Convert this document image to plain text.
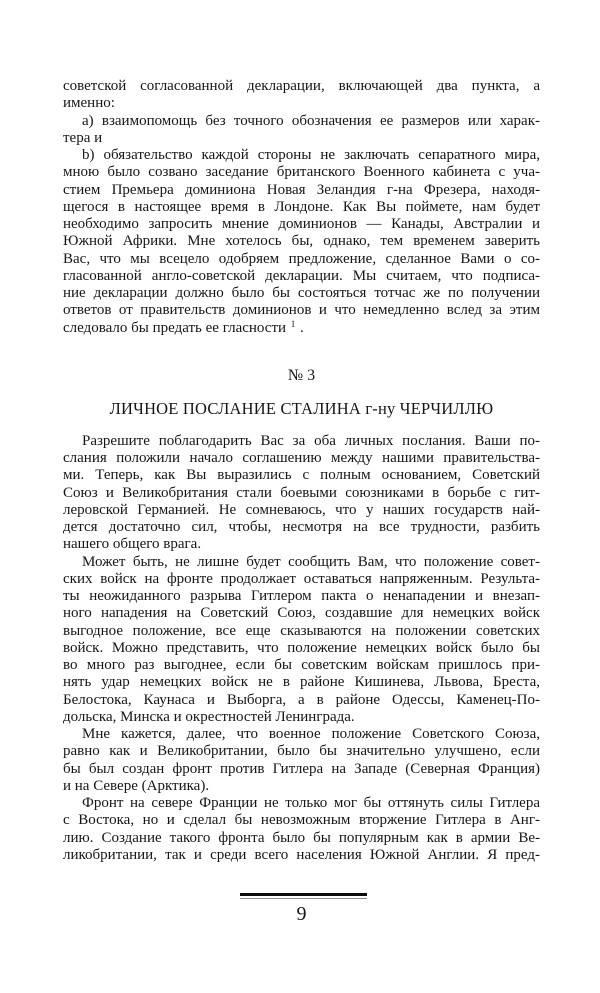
советской согласованной декларации, включающей два пункта, а
именно:
а) взаимопомощь без точного обозначения ее размеров или харак-
тера и
b) обязательство каждой стороны не заключать сепаратного мира,
мною было созвано заседание британского Военного кабинета с уча-
стием Премьера доминиона Новая Зеландия г-на Фрезера, находя-
щегося в настоящее время в Лондоне. Как Вы поймете, нам будет
необходимо запросить мнение доминионов — Канады, Австралии и
Южной Африки. Мне хотелось бы, однако, тем временем заверить
Вас, что мы всецело одобряем предложение, сделанное Вами о со-
гласованной англо-советской декларации. Мы считаем, что подписа-
ние декларации должно было бы состояться тотчас же по получении
ответов от правительств доминионов и что немедленно вслед за этим
следовало бы предать ее гласности $^1$ .
№ 3
ЛИЧНОЕ ПОСЛАНИЕ СТАЛИНА г-ну ЧЕРЧИЛЛЮ
Разрешите поблагодарить Вас за оба личных послания. Ваши по-
слания положили начало соглашению между нашими правительства-
ми. Теперь, как Вы выразились с полным основанием, Советский
Союз и Великобритания стали боевыми союзниками в борьбе с гит-
леровской Германией. Не сомневаюсь, что у наших государств най-
дется достаточно сил, чтобы, несмотря на все трудности, разбить
нашего общего врага.
Может быть, не лишне будет сообщить Вам, что положение совет-
ских войск на фронте продолжает оставаться напряженным. Результа-
ты неожиданного разрыва Гитлером пакта о ненападении и внезап-
ного нападения на Советский Союз, создавшие для немецких войск
выгодное положение, все еще сказываются на положении советских
войск. Можно представить, что положение немецких войск было бы
во много раз выгоднее, если бы советским войскам пришлось при-
нять удар немецких войск не в районе Кишинева, Львова, Бреста,
Белостока, Каунаса и Выборга, а в районе Одессы, Каменец-По-
дольска, Минска и окрестностей Ленинграда.
Мне кажется, далее, что военное положение Советского Союза,
равно как и Великобритании, было бы значительно улучшено, если
бы был создан фронт против Гитлера на Западе (Северная Франция)
и на Севере (Арктика).
Фронт на севере Франции не только мог бы оттянуть силы Гитлера
с Востока, но и сделал бы невозможным вторжение Гитлера в Анг-
лию. Создание такого фронта было бы популярным как в армии Ве-
ликобритании, так и среди всего населения Южной Англии. Я пред-
9
